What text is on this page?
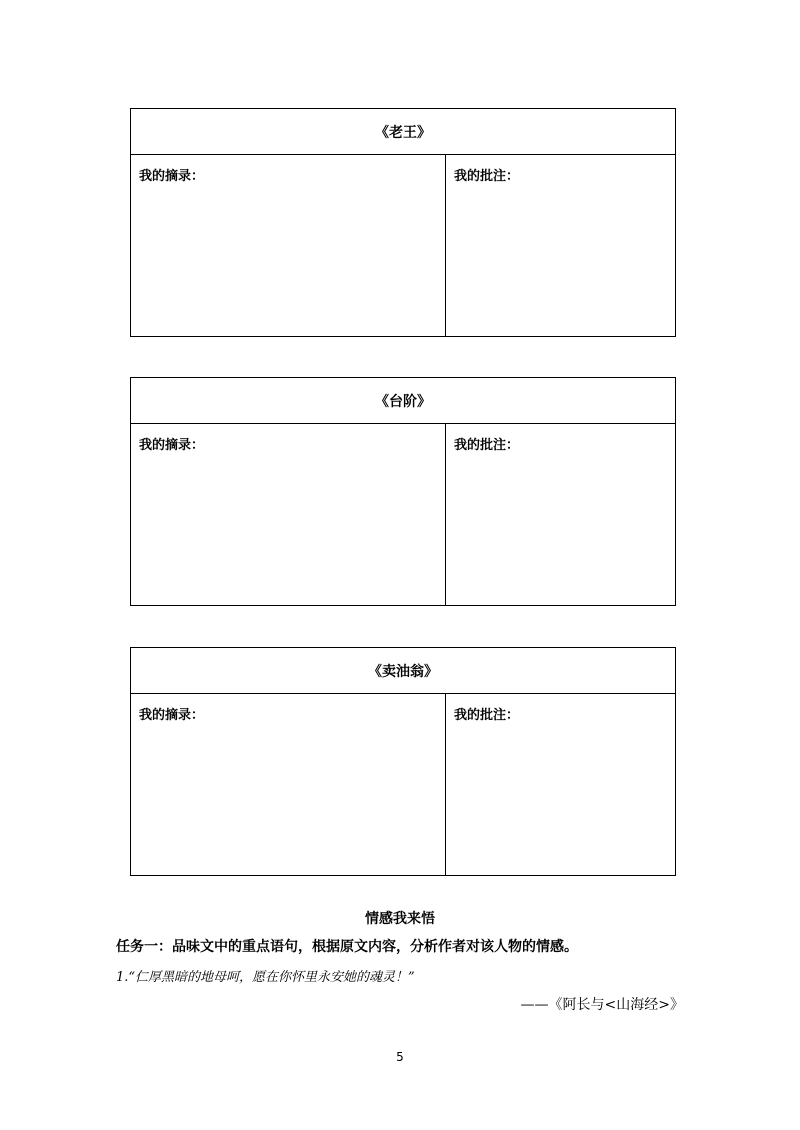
《老王》
我的摘录：	我的批注：
《台阶》
我的摘录：	我的批注：
《卖油翁》
我的摘录：	我的批注：
情感我来悟
任务一：品味文中的重点语句，根据原文内容，分析作者对该人物的情感。
1.“仁厚黑暗的地母呵，愿在你怀里永安她的魂灵！”
——《阿长与<山海经>》
5
